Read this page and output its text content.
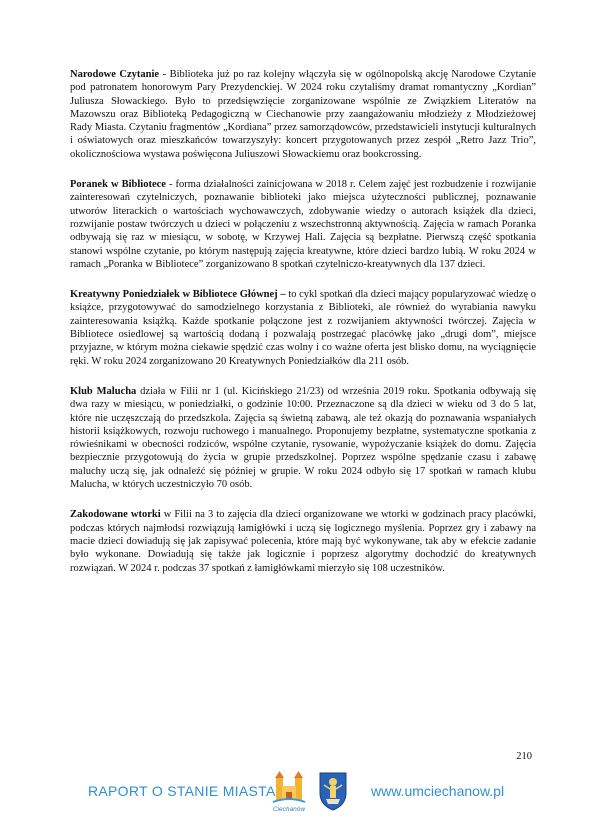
Narodowe Czytanie - Biblioteka już po raz kolejny włączyła się w ogólnopolską akcję Narodowe Czytanie pod patronatem honorowym Pary Prezydenckiej. W 2024 roku czytaliśmy dramat romantyczny „Kordian” Juliusza Słowackiego. Było to przedsięwzięcie zorganizowane wspólnie ze Związkiem Literatów na Mazowszu oraz Biblioteką Pedagogiczną w Ciechanowie przy zaangażowaniu młodzieży z Młodzieżowej Rady Miasta. Czytaniu fragmentów „Kordiana” przez samorządowców, przedstawicieli instytucji kulturalnych i oświatowych oraz mieszkańców towarzyszyły: koncert przygotowanych przez zespół „Retro Jazz Trio”, okolicznościowa wystawa poświęcona Juliuszowi Słowackiemu oraz bookcrossing.

Poranek w Bibliotece - forma działalności zainicjowana w 2018 r. Celem zajęć jest rozbudzenie i rozwijanie zainteresowań czytelniczych, poznawanie biblioteki jako miejsca użyteczności publicznej, poznawanie utworów literackich o wartościach wychowawczych, zdobywanie wiedzy o autorach książek dla dzieci, rozwijanie postaw twórczych u dzieci w połączeniu z wszechstronną aktywnością. Zajęcia w ramach Poranka odbywają się raz w miesiącu, w sobotę, w Krzywej Hali. Zajęcia są bezpłatne. Pierwszą część spotkania stanowi wspólne czytanie, po którym następują zajęcia kreatywne, które dzieci bardzo lubią. W roku 2024 w ramach „Poranka w Bibliotece” zorganizowano 8 spotkań czytelniczo-kreatywnych dla 137 dzieci.

Kreatywny Poniedziałek w Bibliotece Głównej – to cykl spotkań dla dzieci mający popularyzować wiedzę o książce, przygotowywać do samodzielnego korzystania z Biblioteki, ale również do wyrabiania nawyku zainteresowania książką. Każde spotkanie połączone jest z rozwijaniem aktywności twórczej. Zajęcia w Bibliotece osiedlowej są wartością dodaną i pozwalają postrzegać placówkę jako „drugi dom”, miejsce przyjazne, w którym można ciekawie spędzić czas wolny i co ważne oferta jest blisko domu, na wyciągnięcie ręki. W roku 2024 zorganizowano 20 Kreatywnych Poniedziałków dla 211 osób.

Klub Malucha działa w Filii nr 1 (ul. Kicińskiego 21/23) od września 2019 roku. Spotkania odbywają się dwa razy w miesiącu, w poniedziałki, o godzinie 10:00. Przeznaczone są dla dzieci w wieku od 3 do 5 lat, które nie uczęszczają do przedszkola. Zajęcia są świetną zabawą, ale też okazją do poznawania wspaniałych historii książkowych, rozwoju ruchowego i manualnego. Proponujemy bezpłatne, systematyczne spotkania z rówieśnikami w obecności rodziców, wspólne czytanie, rysowanie, wypożyczanie książek do domu. Zajęcia bezpiecznie przygotowują do życia w grupie przedszkolnej. Poprzez wspólne spędzanie czasu i zabawę maluchy uczą się, jak odnaleźć się później w grupie. W roku 2024 odbyło się 17 spotkań w ramach klubu Malucha, w których uczestniczyło 70 osób.

Zakodowane wtorki w Filii na 3 to zajęcia dla dzieci organizowane we wtorki w godzinach pracy placówki, podczas których najmłodsi rozwiązują łamigłówki i uczą się logicznego myślenia. Poprzez gry i zabawy na macie dzieci dowiadują się jak zapisywać polecenia, które mają być wykonywane, tak aby w efekcie zadanie było wykonane. Dowiadują się także jak logicznie i poprzesz algorytmy dochodzić do kreatywnych rozwiązań. W 2024 r. podczas 37 spotkań z łamigłówkami mierzyło się 108 uczestników.

210
RAPORT O STANIE MIASTA
Ciechanów
www.umciechanow.pl
